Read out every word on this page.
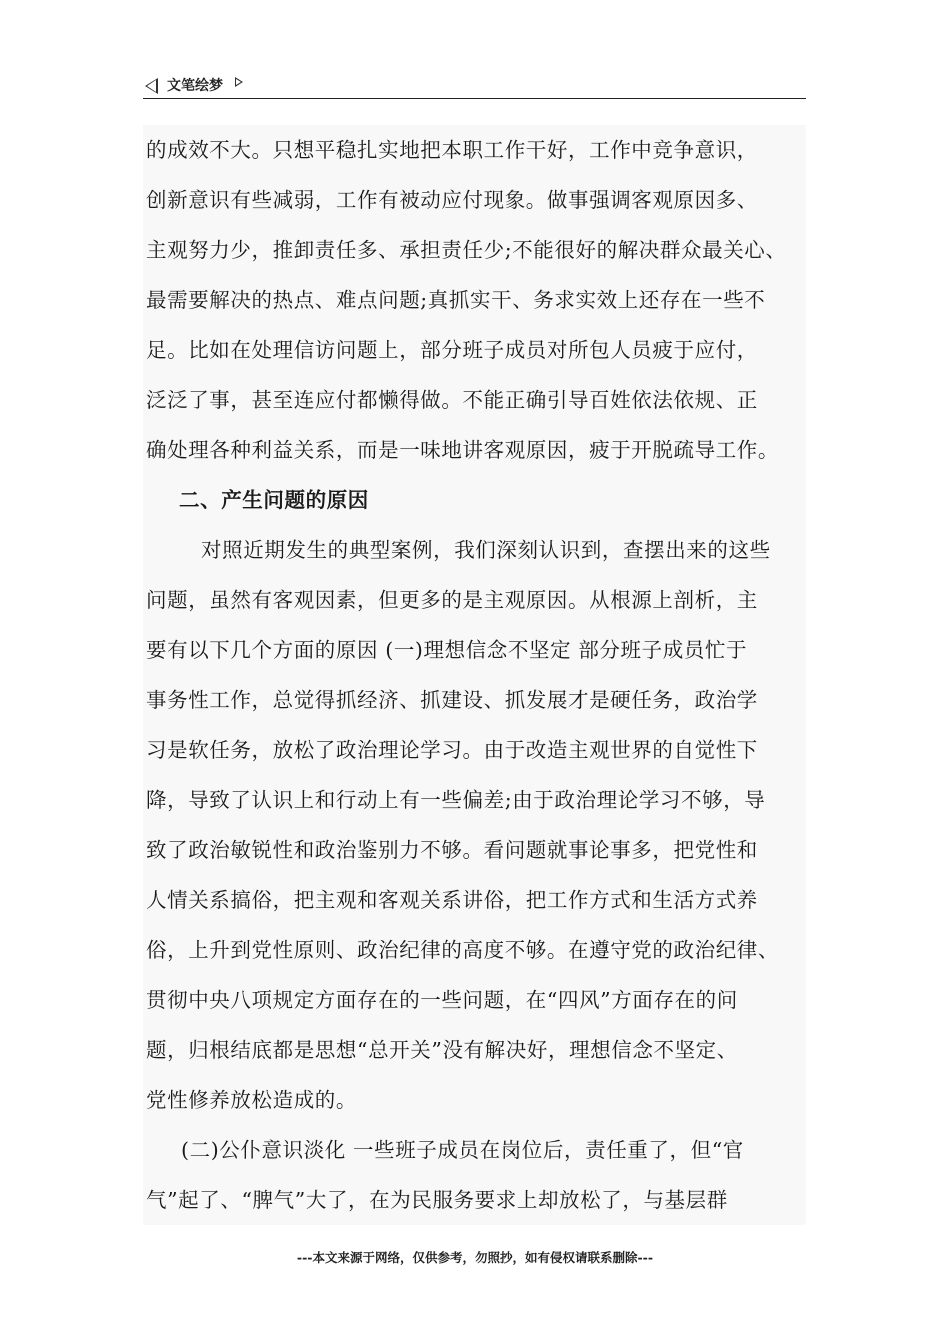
文笔绘梦
的成效不大。只想平稳扎实地把本职工作干好，工作中竞争意识，
创新意识有些减弱，工作有被动应付现象。做事强调客观原因多、
主观努力少，推卸责任多、承担责任少;不能很好的解决群众最关心、
最需要解决的热点、难点问题;真抓实干、务求实效上还存在一些不
足。比如在处理信访问题上，部分班子成员对所包人员疲于应付，
泛泛了事，甚至连应付都懒得做。不能正确引导百姓依法依规、正
确处理各种利益关系，而是一味地讲客观原因，疲于开脱疏导工作。
二、产生问题的原因
对照近期发生的典型案例，我们深刻认识到，查摆出来的这些
问题，虽然有客观因素，但更多的是主观原因。从根源上剖析，主
要有以下几个方面的原因 (一)理想信念不坚定 部分班子成员忙于
事务性工作，总觉得抓经济、抓建设、抓发展才是硬任务，政治学
习是软任务，放松了政治理论学习。由于改造主观世界的自觉性下
降，导致了认识上和行动上有一些偏差;由于政治理论学习不够，导
致了政治敏锐性和政治鉴别力不够。看问题就事论事多，把党性和
人情关系搞俗，把主观和客观关系讲俗，把工作方式和生活方式养
俗，上升到党性原则、政治纪律的高度不够。在遵守党的政治纪律、
贯彻中央八项规定方面存在的一些问题，在“四风”方面存在的问
题，归根结底都是思想“总开关”没有解决好，理想信念不坚定、
党性修养放松造成的。
(二)公仆意识淡化 一些班子成员在岗位后，责任重了，但“官
气”起了、“脾气”大了，在为民服务要求上却放松了，与基层群
---本文来源于网络，仅供参考，勿照抄，如有侵权请联系删除---
